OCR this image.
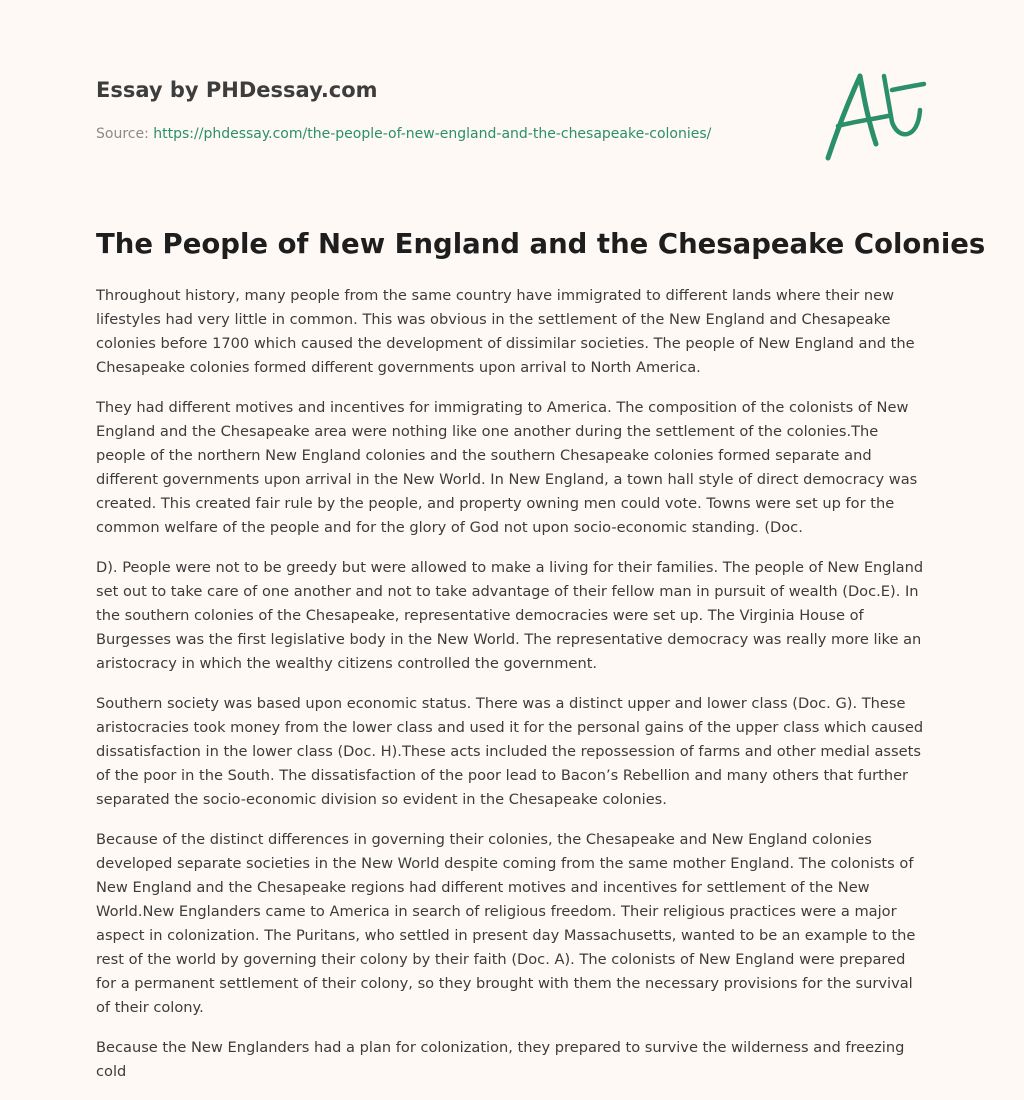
Essay by PHDessay.com
Source: https://phdessay.com/the-people-of-new-england-and-the-chesapeake-colonies/
The People of New England and the Chesapeake Colonies

Throughout history, many people from the same country have immigrated to different lands where their new lifestyles had very little in common. This was obvious in the settlement of the New England and Chesapeake colonies before 1700 which caused the development of dissimilar societies. The people of New England and the Chesapeake colonies formed different governments upon arrival to North America.

They had different motives and incentives for immigrating to America. The composition of the colonists of New England and the Chesapeake area were nothing like one another during the settlement of the colonies.The people of the northern New England colonies and the southern Chesapeake colonies formed separate and different governments upon arrival in the New World. In New England, a town hall style of direct democracy was created. This created fair rule by the people, and property owning men could vote. Towns were set up for the common welfare of the people and for the glory of God not upon socio-economic standing. (Doc.

D). People were not to be greedy but were allowed to make a living for their families. The people of New England set out to take care of one another and not to take advantage of their fellow man in pursuit of wealth (Doc.E). In the southern colonies of the Chesapeake, representative democracies were set up. The Virginia House of Burgesses was the first legislative body in the New World. The representative democracy was really more like an aristocracy in which the wealthy citizens controlled the government.

Southern society was based upon economic status. There was a distinct upper and lower class (Doc. G). These aristocracies took money from the lower class and used it for the personal gains of the upper class which caused dissatisfaction in the lower class (Doc. H).These acts included the repossession of farms and other medial assets of the poor in the South. The dissatisfaction of the poor lead to Bacon’s Rebellion and many others that further separated the socio-economic division so evident in the Chesapeake colonies.

Because of the distinct differences in governing their colonies, the Chesapeake and New England colonies developed separate societies in the New World despite coming from the same mother England. The colonists of New England and the Chesapeake regions had different motives and incentives for settlement of the New World.New Englanders came to America in search of religious freedom. Their religious practices were a major aspect in colonization. The Puritans, who settled in present day Massachusetts, wanted to be an example to the rest of the world by governing their colony by their faith (Doc. A). The colonists of New England were prepared for a permanent settlement of their colony, so they brought with them the necessary provisions for the survival of their colony.

Because the New Englanders had a plan for colonization, they prepared to survive the wilderness and freezing cold
